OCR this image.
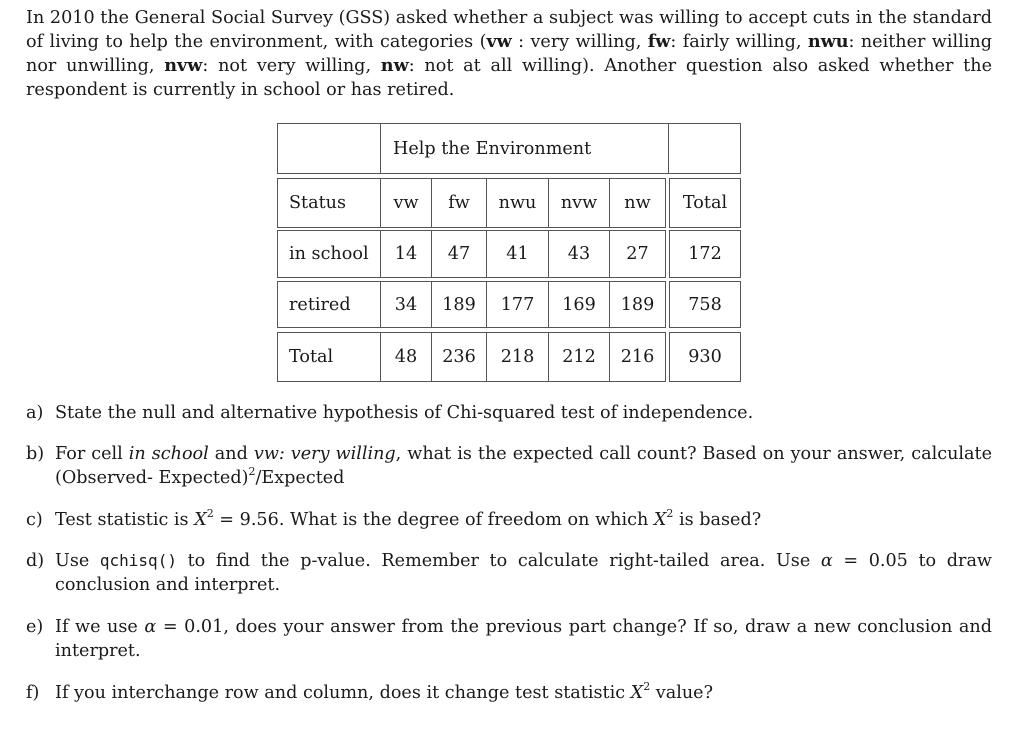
In 2010 the General Social Survey (GSS) asked whether a subject was willing to accept cuts in the standard of living to help the environment, with categories (vw : very willing, fw: fairly willing, nwu: neither willing nor unwilling, nvw: not very willing, nw: not at all willing). Another question also asked whether the respondent is currently in school or has retired.
Help the Environment
Status	vw	fw	nwu	nvw	nw	Total
in school	14	47	41	43	27	172
retired	34	189	177	169	189	758
Total	48	236	218	212	216	930
a) State the null and alternative hypothesis of Chi-squared test of independence.
b) For cell in school and vw: very willing, what is the expected call count? Based on your answer, calculate (Observed- Expected)$^2$/Expected
c) Test statistic is $X^2 = 9.56$. What is the degree of freedom on which $X^2$ is based?
d) Use qchisq() to find the p-value. Remember to calculate right-tailed area. Use α = 0.05 to draw conclusion and interpret.
e) If we use α = 0.01, does your answer from the previous part change? If so, draw a new conclusion and interpret.
f) If you interchange row and column, does it change test statistic $X^2$ value?
